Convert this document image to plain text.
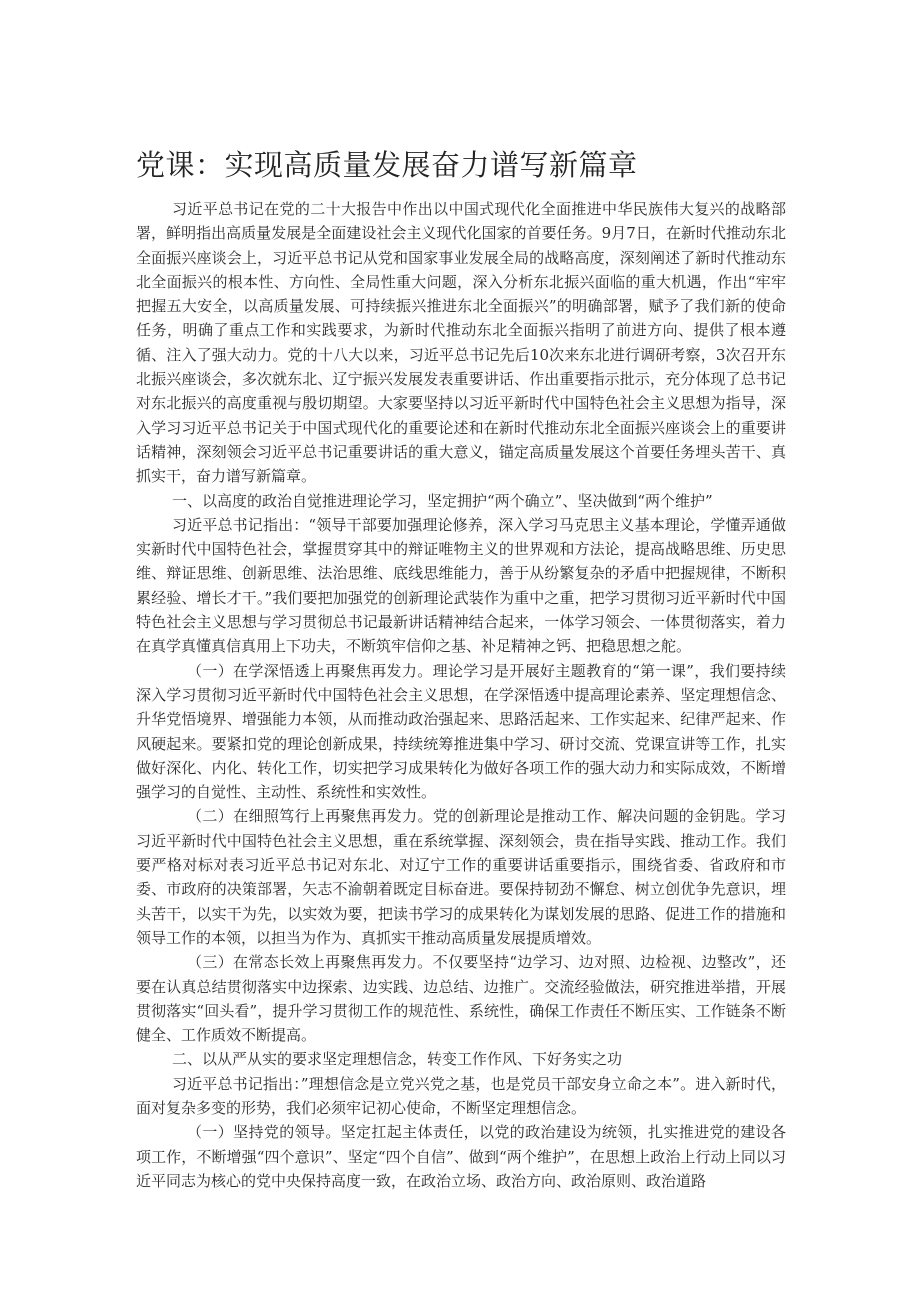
党课：实现高质量发展奋力谱写新篇章

习近平总书记在党的二十大报告中作出以中国式现代化全面推进中华民族伟大复兴的战略部署，鲜明指出高质量发展是全面建设社会主义现代化国家的首要任务。9月7日，在新时代推动东北全面振兴座谈会上，习近平总书记从党和国家事业发展全局的战略高度，深刻阐述了新时代推动东北全面振兴的根本性、方向性、全局性重大问题，深入分析东北振兴面临的重大机遇，作出“牢牢把握五大安全，以高质量发展、可持续振兴推进东北全面振兴”的明确部署，赋予了我们新的使命任务，明确了重点工作和实践要求，为新时代推动东北全面振兴指明了前进方向、提供了根本遵循、注入了强大动力。党的十八大以来，习近平总书记先后10次来东北进行调研考察，3次召开东北振兴座谈会，多次就东北、辽宁振兴发展发表重要讲话、作出重要指示批示，充分体现了总书记对东北振兴的高度重视与殷切期望。大家要坚持以习近平新时代中国特色社会主义思想为指导，深入学习习近平总书记关于中国式现代化的重要论述和在新时代推动东北全面振兴座谈会上的重要讲话精神，深刻领会习近平总书记重要讲话的重大意义，锚定高质量发展这个首要任务埋头苦干、真抓实干，奋力谱写新篇章。

一、以高度的政治自觉推进理论学习，坚定拥护“两个确立”、坚决做到“两个维护”

习近平总书记指出：“领导干部要加强理论修养，深入学习马克思主义基本理论，学懂弄通做实新时代中国特色社会，掌握贯穿其中的辩证唯物主义的世界观和方法论，提高战略思维、历史思维、辩证思维、创新思维、法治思维、底线思维能力，善于从纷繁复杂的矛盾中把握规律，不断积累经验、增长才干。”我们要把加强党的创新理论武装作为重中之重，把学习贯彻习近平新时代中国特色社会主义思想与学习贯彻总书记最新讲话精神结合起来，一体学习领会、一体贯彻落实，着力在真学真懂真信真用上下功夫，不断筑牢信仰之基、补足精神之钙、把稳思想之舵。

（一）在学深悟透上再聚焦再发力。理论学习是开展好主题教育的“第一课”，我们要持续深入学习贯彻习近平新时代中国特色社会主义思想，在学深悟透中提高理论素养、坚定理想信念、升华党悟境界、增强能力本领，从而推动政治强起来、思路活起来、工作实起来、纪律严起来、作风硬起来。要紧扣党的理论创新成果，持续统筹推进集中学习、研讨交流、党课宣讲等工作，扎实做好深化、内化、转化工作，切实把学习成果转化为做好各项工作的强大动力和实际成效，不断增强学习的自觉性、主动性、系统性和实效性。

（二）在细照笃行上再聚焦再发力。党的创新理论是推动工作、解决问题的金钥匙。学习习近平新时代中国特色社会主义思想，重在系统掌握、深刻领会，贵在指导实践、推动工作。我们要严格对标对表习近平总书记对东北、对辽宁工作的重要讲话重要指示，围绕省委、省政府和市委、市政府的决策部署，矢志不渝朝着既定目标奋进。要保持韧劲不懈怠、树立创优争先意识，埋头苦干，以实干为先，以实效为要，把读书学习的成果转化为谋划发展的思路、促进工作的措施和领导工作的本领，以担当为作为、真抓实干推动高质量发展提质增效。

（三）在常态长效上再聚焦再发力。不仅要坚持“边学习、边对照、边检视、边整改”，还要在认真总结贯彻落实中边探索、边实践、边总结、边推广。交流经验做法，研究推进举措，开展贯彻落实“回头看”，提升学习贯彻工作的规范性、系统性，确保工作责任不断压实、工作链条不断健全、工作质效不断提高。

二、以从严从实的要求坚定理想信念，转变工作作风、下好务实之功

习近平总书记指出：”理想信念是立党兴党之基，也是党员干部安身立命之本”。进入新时代，面对复杂多变的形势，我们必须牢记初心使命，不断坚定理想信念。

（一）坚持党的领导。坚定扛起主体责任，以党的政治建设为统领，扎实推进党的建设各项工作，不断增强“四个意识”、坚定“四个自信”、做到“两个维护”，在思想上政治上行动上同以习近平同志为核心的党中央保持高度一致，在政治立场、政治方向、政治原则、政治道路
